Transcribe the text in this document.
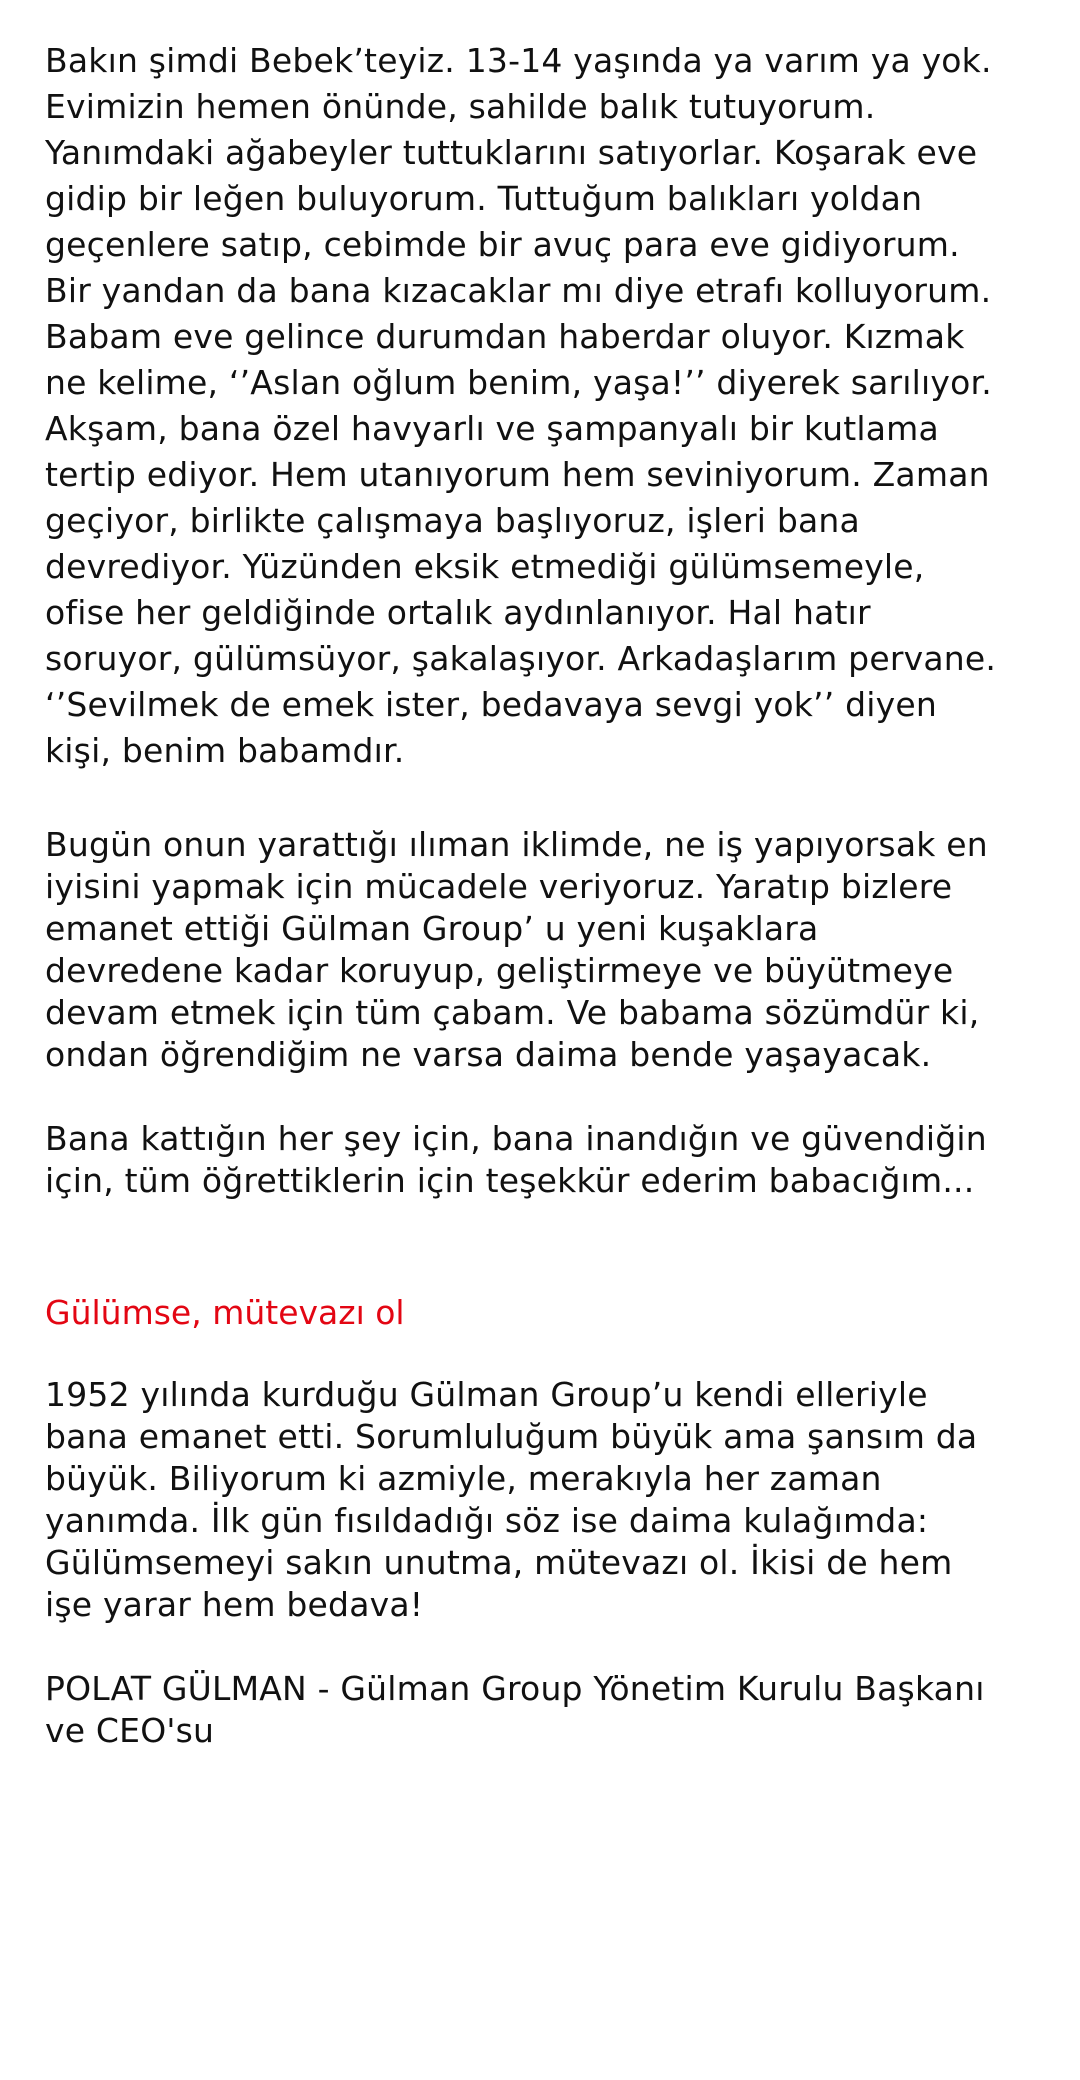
Bakın şimdi Bebek’teyiz. 13-14 yaşında ya varım ya yok. Evimizin hemen önünde, sahilde balık tutuyorum. Yanımdaki ağabeyler tuttuklarını satıyorlar. Koşarak eve gidip bir leğen buluyorum. Tuttuğum balıkları yoldan geçenlere satıp, cebimde bir avuç para eve gidiyorum. Bir yandan da bana kızacaklar mı diye etrafı kolluyorum. Babam eve gelince durumdan haberdar oluyor. Kızmak ne kelime, ‘’Aslan oğlum benim, yaşa!’’ diyerek sarılıyor. Akşam, bana özel havyarlı ve şampanyalı bir kutlama tertip ediyor. Hem utanıyorum hem seviniyorum. Zaman geçiyor, birlikte çalışmaya başlıyoruz, işleri bana devrediyor. Yüzünden eksik etmediği gülümsemeyle, ofise her geldiğinde ortalık aydınlanıyor. Hal hatır soruyor, gülümsüyor, şakalaşıyor. Arkadaşlarım pervane. ‘’Sevilmek de emek ister, bedavaya sevgi yok’’ diyen kişi, benim babamdır.

Bugün onun yarattığı ılıman iklimde, ne iş yapıyorsak en iyisini yapmak için mücadele veriyoruz. Yaratıp bizlere emanet ettiği Gülman Group’ u yeni kuşaklara devredene kadar koruyup, geliştirmeye ve büyütmeye devam etmek için tüm çabam. Ve babama sözümdür ki, ondan öğrendiğim ne varsa daima bende yaşayacak.

Bana kattığın her şey için, bana inandığın ve güvendiğin için, tüm öğrettiklerin için teşekkür ederim babacığım...

Gülümse, mütevazı ol

1952 yılında kurduğu Gülman Group’u kendi elleriyle bana emanet etti. Sorumluluğum büyük ama şansım da büyük. Biliyorum ki azmiyle, merakıyla her zaman yanımda. İlk gün fısıldadığı söz ise daima kulağımda: Gülümsemeyi sakın unutma, mütevazı ol. İkisi de hem işe yarar hem bedava!

POLAT GÜLMAN - Gülman Group Yönetim Kurulu Başkanı ve CEO'su
